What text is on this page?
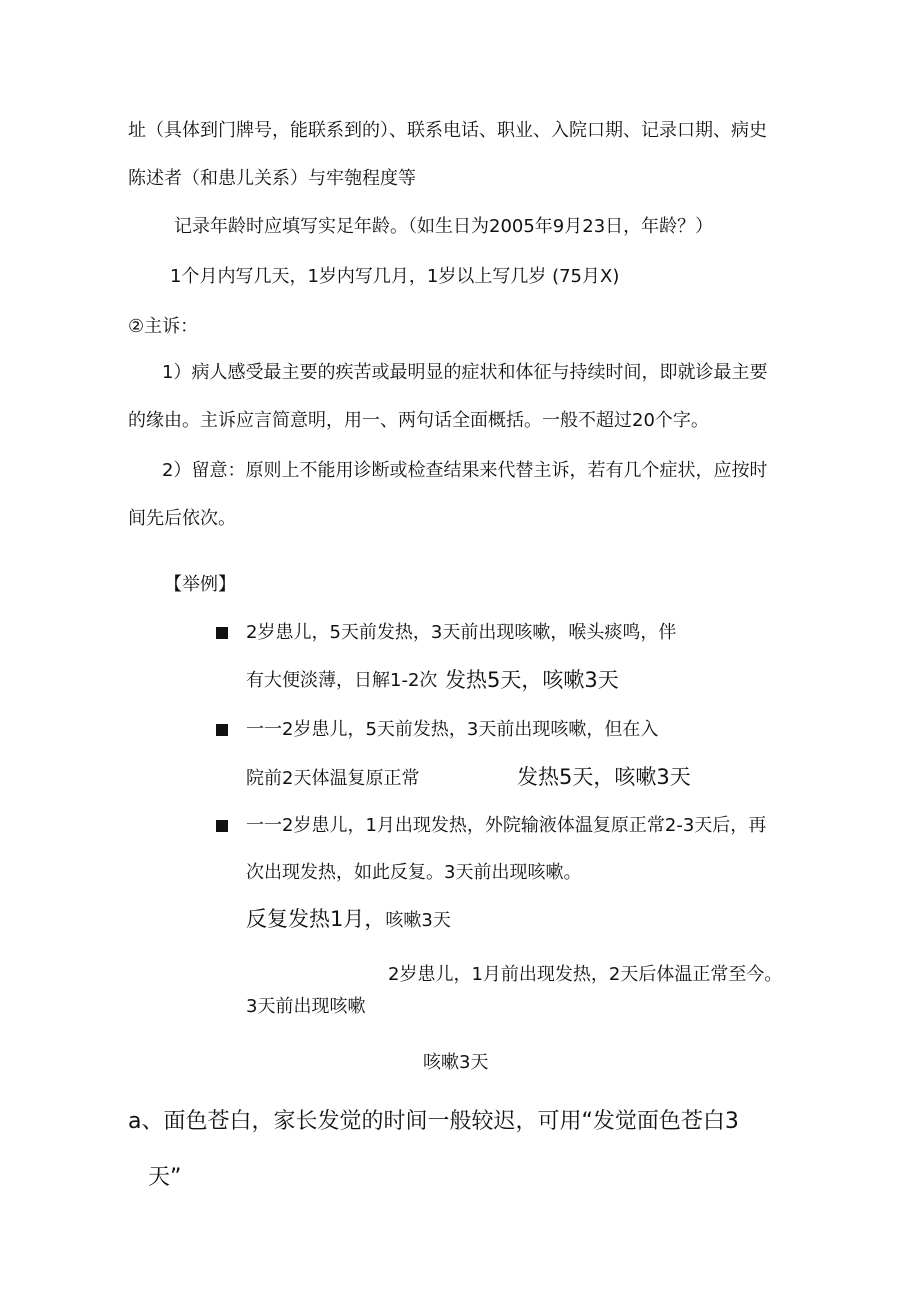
址（具体到门牌号，能联系到的）、联系电话、职业、入院口期、记录口期、病史
陈述者（和患儿关系）与牢匏程度等
记录年龄时应填写实足年龄。（如生日为2005年9月23日，年龄？）
1个月内写几天，1岁内写几月，1岁以上写几岁 (75月X)
②主诉：
1）病人感受最主要的疾苦或最明显的症状和体征与持续时间，即就诊最主要
的缘由。主诉应言简意明，用一、两句话全面概括。一般不超过20个字。
2）留意：原则上不能用诊断或检查结果来代替主诉，若有几个症状，应按时
间先后依次。
【举例】
2岁患儿，5天前发热，3天前出现咳嗽，喉头痰鸣，伴
有大便淡薄，日解1-2次 发热5天，咳嗽3天
一一2岁患儿，5天前发热，3天前出现咳嗽，但在入
院前2天体温复原正常	发热5天，咳嗽3天
一一2岁患儿，1月出现发热，外院输液体温复原正常2-3天后，再
次出现发热，如此反复。3天前出现咳嗽。
反复发热1月，咳嗽3天
2岁患儿，1月前出现发热，2天后体温正常至今。
3天前出现咳嗽
咳嗽3天
a、面色苍白，家长发觉的时间一般较迟，可用“发觉面色苍白3
天”
